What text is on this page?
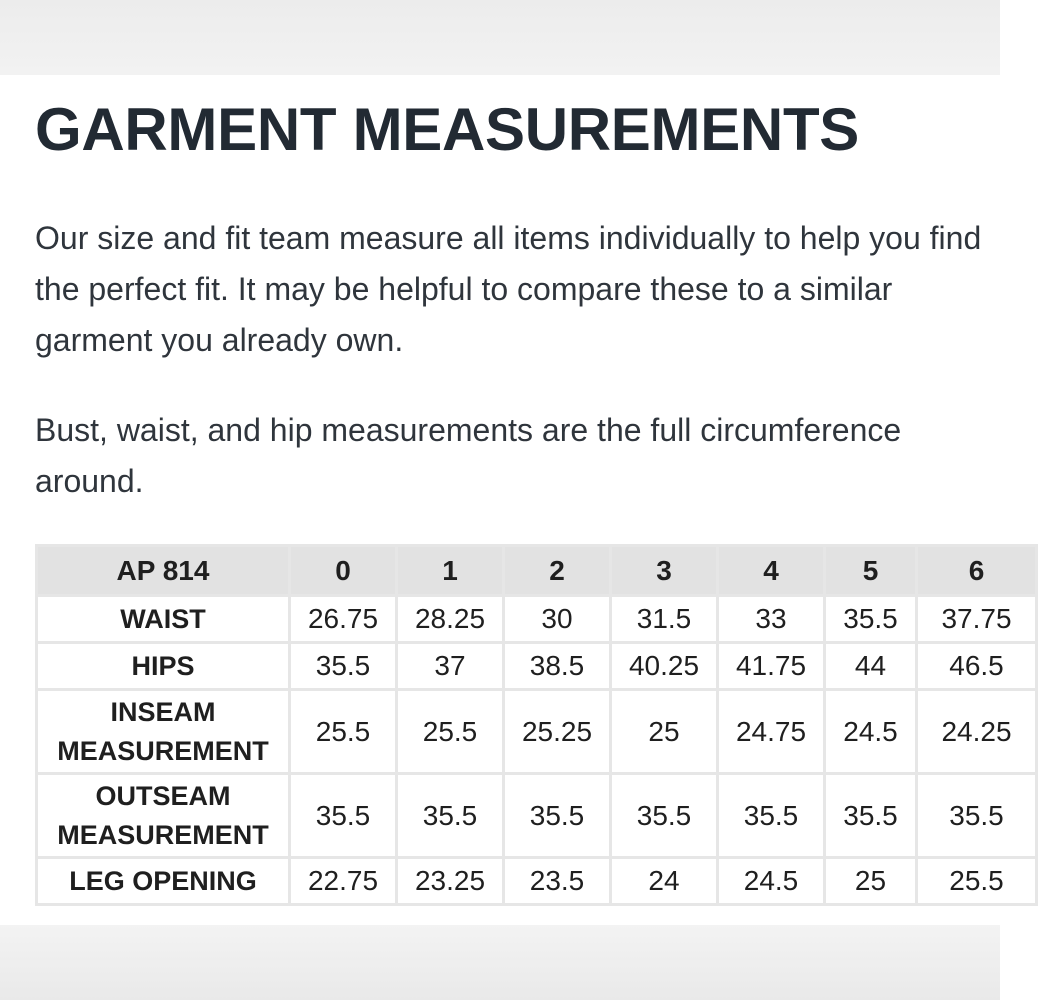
GARMENT MEASUREMENTS

Our size and fit team measure all items individually to help you find the perfect fit. It may be helpful to compare these to a similar garment you already own.

Bust, waist, and hip measurements are the full circumference around.

AP 814	0	1	2	3	4	5	6
WAIST	26.75	28.25	30	31.5	33	35.5	37.75
HIPS	35.5	37	38.5	40.25	41.75	44	46.5
INSEAM
MEASUREMENT	25.5	25.5	25.25	25	24.75	24.5	24.25
OUTSEAM
MEASUREMENT	35.5	35.5	35.5	35.5	35.5	35.5	35.5
LEG OPENING	22.75	23.25	23.5	24	24.5	25	25.5
